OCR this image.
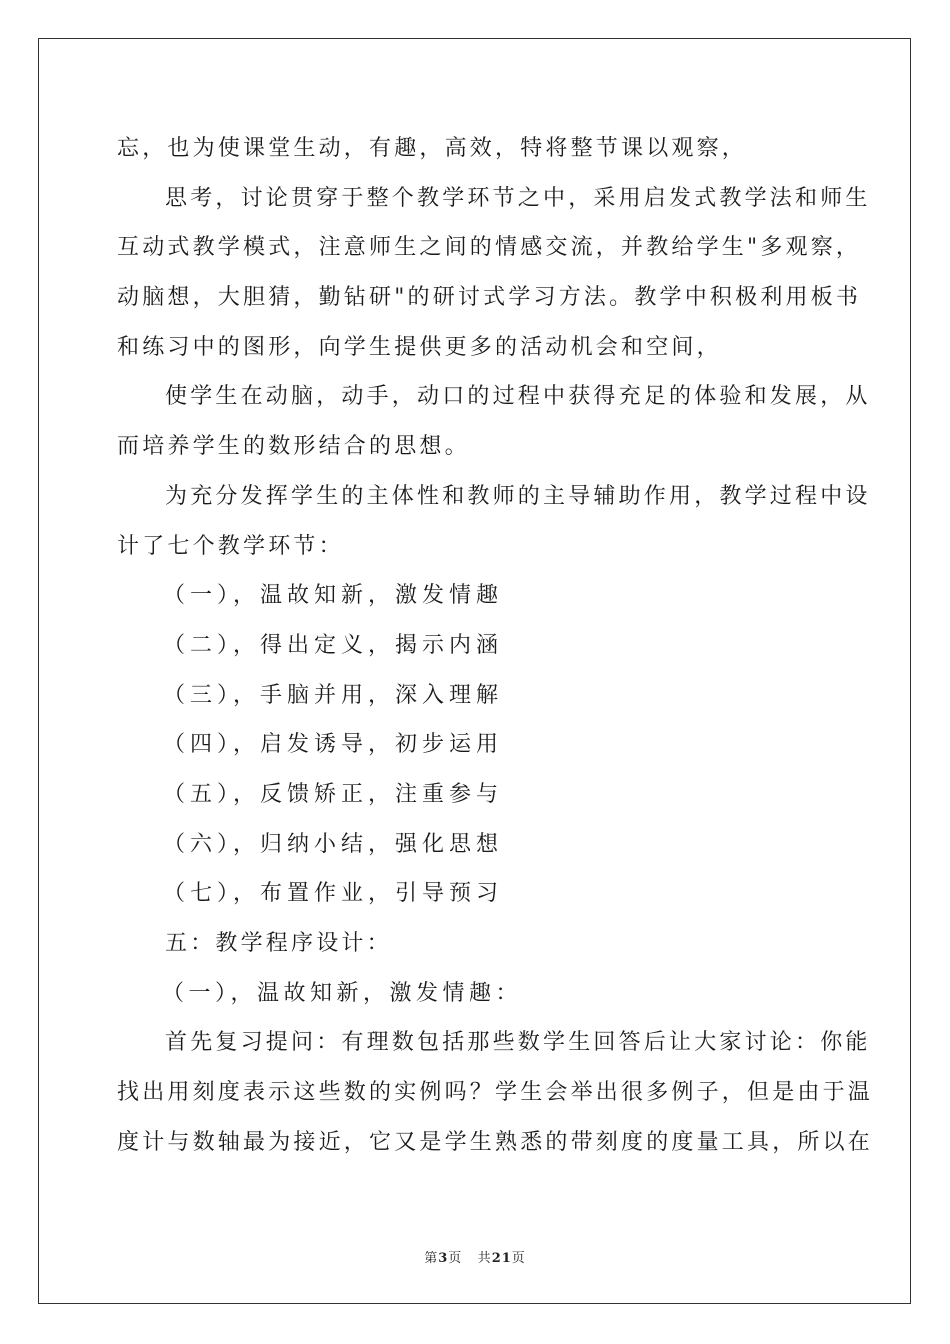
忘，也为使课堂生动，有趣，高效，特将整节课以观察，

思考，讨论贯穿于整个教学环节之中，采用启发式教学法和师生

互动式教学模式，注意师生之间的情感交流，并教给学生"多观察，

动脑想，大胆猜，勤钻研"的研讨式学习方法。教学中积极利用板书

和练习中的图形，向学生提供更多的活动机会和空间，

使学生在动脑，动手，动口的过程中获得充足的体验和发展，从

而培养学生的数形结合的思想。

为充分发挥学生的主体性和教师的主导辅助作用，教学过程中设

计了七个教学环节：

（一），温故知新，激发情趣

（二），得出定义，揭示内涵

（三），手脑并用，深入理解

（四），启发诱导，初步运用

（五），反馈矫正，注重参与

（六），归纳小结，强化思想

（七），布置作业，引导预习

五：教学程序设计：

（一），温故知新，激发情趣：

首先复习提问：有理数包括那些数学生回答后让大家讨论：你能

找出用刻度表示这些数的实例吗？学生会举出很多例子，但是由于温

度计与数轴最为接近，它又是学生熟悉的带刻度的度量工具，所以在

第3页 共21页
